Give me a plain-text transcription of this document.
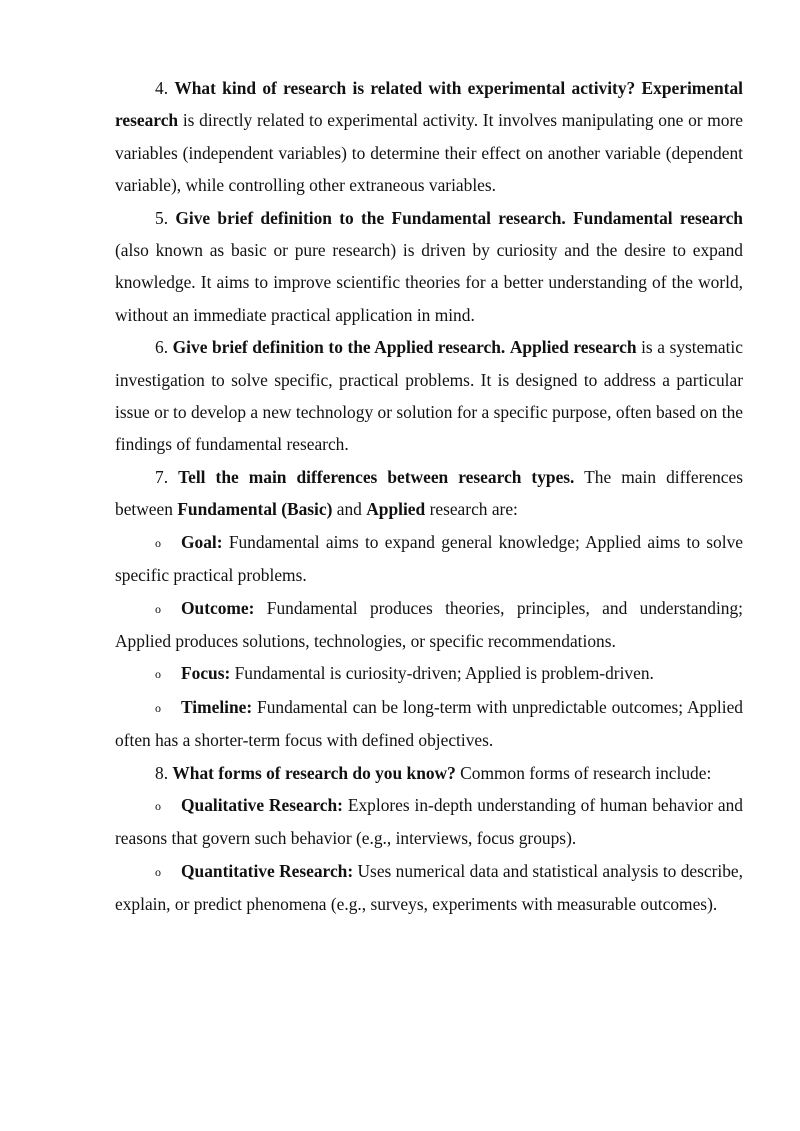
4. What kind of research is related with experimental activity? Experimental research is directly related to experimental activity. It involves manipulating one or more variables (independent variables) to determine their effect on another variable (dependent variable), while controlling other extraneous variables.

5. Give brief definition to the Fundamental research. Fundamental research (also known as basic or pure research) is driven by curiosity and the desire to expand knowledge. It aims to improve scientific theories for a better understanding of the world, without an immediate practical application in mind.

6. Give brief definition to the Applied research. Applied research is a systematic investigation to solve specific, practical problems. It is designed to address a particular issue or to develop a new technology or solution for a specific purpose, often based on the findings of fundamental research.

7. Tell the main differences between research types. The main differences between Fundamental (Basic) and Applied research are:

o Goal: Fundamental aims to expand general knowledge; Applied aims to solve specific practical problems.

o Outcome: Fundamental produces theories, principles, and understanding; Applied produces solutions, technologies, or specific recommendations.

o Focus: Fundamental is curiosity-driven; Applied is problem-driven.

o Timeline: Fundamental can be long-term with unpredictable outcomes; Applied often has a shorter-term focus with defined objectives.

8. What forms of research do you know? Common forms of research include:

o Qualitative Research: Explores in-depth understanding of human behavior and reasons that govern such behavior (e.g., interviews, focus groups).

o Quantitative Research: Uses numerical data and statistical analysis to describe, explain, or predict phenomena (e.g., surveys, experiments with measurable outcomes).
